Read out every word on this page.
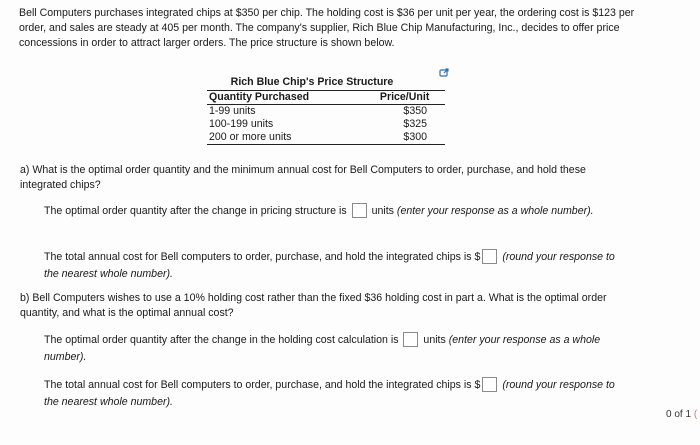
Bell Computers purchases integrated chips at $350 per chip. The holding cost is $36 per unit per year, the ordering cost is $123 per order, and sales are steady at 405 per month. The company's supplier, Rich Blue Chip Manufacturing, Inc., decides to offer price concessions in order to attract larger orders. The price structure is shown below.
Rich Blue Chip's Price Structure
Quantity Purchased	Price/Unit
1-99 units	$350
100-199 units	$325
200 or more units	$300
a) What is the optimal order quantity and the minimum annual cost for Bell Computers to order, purchase, and hold these integrated chips?
The optimal order quantity after the change in pricing structure is units (enter your response as a whole number).
The total annual cost for Bell computers to order, purchase, and hold the integrated chips is $ (round your response to the nearest whole number).
b) Bell Computers wishes to use a 10% holding cost rather than the fixed $36 holding cost in part a. What is the optimal order quantity, and what is the optimal annual cost?
The optimal order quantity after the change in the holding cost calculation is units (enter your response as a whole number).
The total annual cost for Bell computers to order, purchase, and hold the integrated chips is $ (round your response to the nearest whole number).
0 of 1 (
